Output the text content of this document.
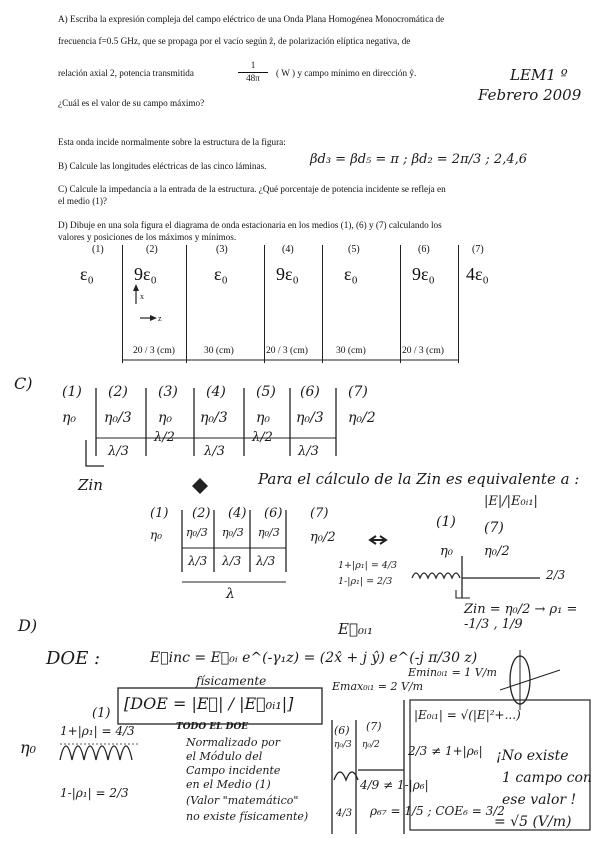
A) Escriba la expresión compleja del campo eléctrico de una Onda Plana Homogénea Monocromática de
frecuencia f=0.5 GHz, que se propaga por el vacío según ẑ, de polarización elíptica negativa, de
relación axial 2, potencia transmitida	$\frac{1}{48\pi}$ ( W ) y campo mínimo en dirección ŷ.
¿Cuál es el valor de su campo máximo?
LEM1 º
Febrero 2009
Esta onda incide normalmente sobre la estructura de la figura:
B) Calcule las longitudes eléctricas de las cinco láminas.	βd₃ = βd₅ = π ; βd₂ = 2π/3 ; 2,4,6
C) Calcule la impedancia a la entrada de la estructura. ¿Qué porcentaje de potencia incidente se refleja en
el medio (1)?
D) Dibuje en una sola figura el diagrama de onda estacionaria en los medios (1), (6) y (7) calculando los
valores y posiciones de los máximos y mínimos.
(1)	(2)	(3)	(4)	(5)	(6)	(7)
ε₀ 9ε₀	ε₀	9ε₀	ε₀	9ε₀ 4ε₀
x
z
20 / 3 (cm)	30 (cm)	20 / 3 (cm)	30 (cm)	20 / 3 (cm)
C) (1) (2) (3) (4) (5) (6) (7)
η₀ η₀/3 η₀ η₀/3 η₀ η₀/3 η₀/2
λ/3
λ/2
λ/3
λ/2
λ/3
Zin	Para el cálculo de la Zin es equivalente a :
(1) (2) (4) (6) (7)
η₀ η₀/3 η₀/3 η₀/3 η₀/2
λ/3 λ/3 λ/3
λ
(1) (7)
η₀ η₀/2
|E|/|E₀ᵢ₁|
1+|ρ₁| = 4/3
1-|ρ₁| = 2/3	2/3
Zin = η₀/2 → ρ₁ = -1/3 , 1/9
D)	E⃗₀ᵢ₁
DOE :	E⃗inc = E⃗₀ᵢ e^(-γ₁z) = (2x̂ + j ŷ) e^(-j π/30 z)
físicamente	Emax₀ᵢ₁ = 2 V/m
Emin₀ᵢ₁ = 1 V/m
[DOE = |E⃗| / |E⃗₀ᵢ₁|]
|E₀ᵢ₁| = √(|E|²+...)
(1)
η₀
1+|ρ₁| = 4/3
1-|ρ₁| = 2/3
TODO EL DOE
Normalizado por
el Módulo del
Campo incidente
en el Medio (1)
(Valor "matemático"
no existe físicamente)
(6) (7)
η₀/3 η₀/2 2/3 ≠ 1+|ρ₆|
4/9 ≠ 1-|ρ₆|
ρ₆₇ = 1/5 ; COE₆ = 3/2
4/3
¡No existe
1 campo con
ese valor !
= √5 (V/m)
